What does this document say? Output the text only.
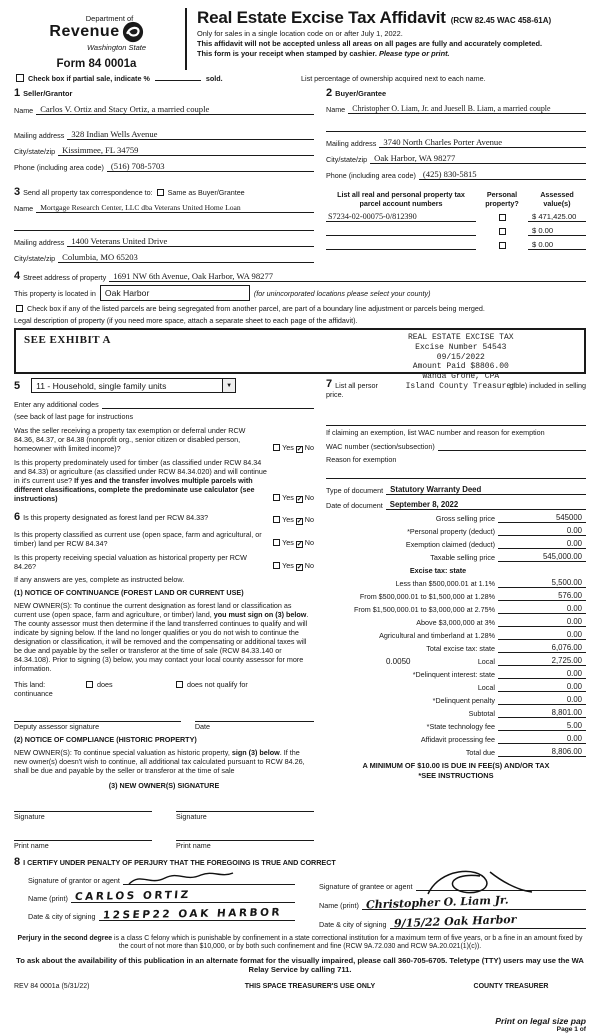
Department of
Revenue
Washington State
Form 84 0001a
Real Estate Excise Tax Affidavit (RCW 82.45 WAC 458-61A)
Only for sales in a single location code on or after July 1, 2022.
This affidavit will not be accepted unless all areas on all pages are fully and accurately completed.
This form is your receipt when stamped by cashier. Please type or print.
Check box if partial sale, indicate %	sold.	List percentage of ownership acquired next to each name.
1 Seller/Grantor
Name Carlos V. Ortiz and Stacy Ortiz, a married couple
Mailing address 328 Indian Wells Avenue
City/state/zip Kissimmee, FL 34759
Phone (including area code) (516) 708-5703
2 Buyer/Grantee
Name Christopher O. Liam, Jr. and Juesell B. Liam, a married couple
Mailing address 3740 North Charles Porter Avenue
City/state/zip Oak Harbor, WA 98277
Phone (including area code) (425) 830-5815
3 Send all property tax correspondence to: Same as Buyer/Grantee
Name Mortgage Research Center, LLC dba Veterans United Home Loan
Mailing address 1400 Veterans United Drive
City/state/zip Columbia, MO 65203
List all real and personal property tax parcel account numbers
Personal property?
Assessed value(s)
S7234-02-00075-0/812390	$ 471,425.00
$ 0.00
$ 0.00
4 Street address of property 1691 NW 6th Avenue, Oak Harbor, WA 98277
This property is located in	Oak Harbor	(for unincorporated locations please select your county)
Check box if any of the listed parcels are being segregated from another parcel, are part of a boundary line adjustment or parcels being merged.
Legal description of property (if you need more space, attach a separate sheet to each page of the affidavit).
SEE EXHIBIT A	REAL ESTATE EXCISE TAX
Excise Number 54543
09/15/2022
Amount Paid $8806.00
Wanda Grone, CPA
Island County Treasurer
5	11 - Household, single family units	▼
Enter any additional codes
(see back of last page for instructions
Was the seller receiving a property tax exemption or deferral under RCW 84.36, 84.37, or 84.38 (nonprofit org., senior citizen or disabled person, homeowner with limited income)?	Yes ✓ No
Is this property predominately used for timber (as classified under RCW 84.34 and 84.33) or agriculture (as classified under RCW 84.34.020) and will continue in it's current use? If yes and the transfer involves multiple parcels with different classifications, complete the predominate use calculator (see instructions)	Yes ✓ No
6 Is this property designated as forest land per RCW 84.33?	Yes ✓ No
Is this property classified as current use (open space, farm and agricultural, or timber) land per RCW 84.34?	Yes ✓ No
Is this property receiving special valuation as historical property per RCW 84.26?	Yes ✓ No
If any answers are yes, complete as instructed below.
(1) NOTICE OF CONTINUANCE (FOREST LAND OR CURRENT USE)
NEW OWNER(S): To continue the current designation as forest land or classification as current use (open space, farm and agriculture, or timber) land, you must sign on (3) below. The county assessor must then determine if the land transferred continues to qualify and will indicate by signing below. If the land no longer qualifies or you do not wish to continue the designation or classification, it will be removed and the compensating or additional taxes will be due and payable by the seller or transferor at the time of sale (RCW 84.33.140 or 84.34.108). Prior to signing (3) below, you may contact your local county assessor for more information.
This land:	does	does not qualify for
continuance
Deputy assessor signature	Date
(2) NOTICE OF COMPLIANCE (HISTORIC PROPERTY)
NEW OWNER(S): To continue special valuation as historic property, sign (3) below. If the new owner(s) doesn't wish to continue, all additional tax calculated pursuant to RCW 84.26, shall be due and payable by the seller or transferor at the time of sale
(3) NEW OWNER(S) SIGNATURE
Signature	Signature
Print name	Print name
7 List all persor	gible) included in selling
price.
If claiming an exemption, list WAC number and reason for exemption
WAC number (section/subsection)
Reason for exemption
Type of document Statutory Warranty Deed
Date of document September 8, 2022
Gross selling price	545000
*Personal property (deduct)	0.00
Exemption claimed (deduct)	0.00
Taxable selling price	545,000.00
Excise tax: state
Less than $500,000.01 at 1.1%	5,500.00
From $500,000.01 to $1,500,000 at 1.28%	576.00
From $1,500,000.01 to $3,000,000 at 2.75%	0.00
Above $3,000,000 at 3%	0.00
Agricultural and timberland at 1.28%	0.00
Total excise tax: state	6,076.00
0.0050	Local	2,725.00
*Delinquent interest: state	0.00
Local	0.00
*Delinquent penalty	0.00
Subtotal	8,801.00
*State technology fee	5.00
Affidavit processing fee	0.00
Total due	8,806.00
A MINIMUM OF $10.00 IS DUE IN FEE(S) AND/OR TAX
*SEE INSTRUCTIONS
8 I CERTIFY UNDER PENALTY OF PERJURY THAT THE FOREGOING IS TRUE AND CORRECT
Signature of grantor or agent
Name (print) CARLOS ORTIZ
Date & city of signing 12SEP22 OAK HARBOR
Signature of grantee or agent
Name (print) Christopher O. Liam Jr.
Date & city of signing 9/15/22 Oak Harbor
Perjury in the second degree is a class C felony which is punishable by confinement in a state correctional institution for a maximum term of five years, or b a fine in an amount fixed by the court of not more than $10,000, or by both such confinement and fine (RCW 9A.72.030 and RCW 9A.20.021(1)(c)).
To ask about the availability of this publication in an alternate format for the visually impaired, please call 360-705-6705. Teletype (TTY) users may use the WA Relay Service by calling 711.
REV 84 0001a (5/31/22)	THIS SPACE TREASURER'S USE ONLY	COUNTY TREASURER
Print on legal size pap
Page 1 of
